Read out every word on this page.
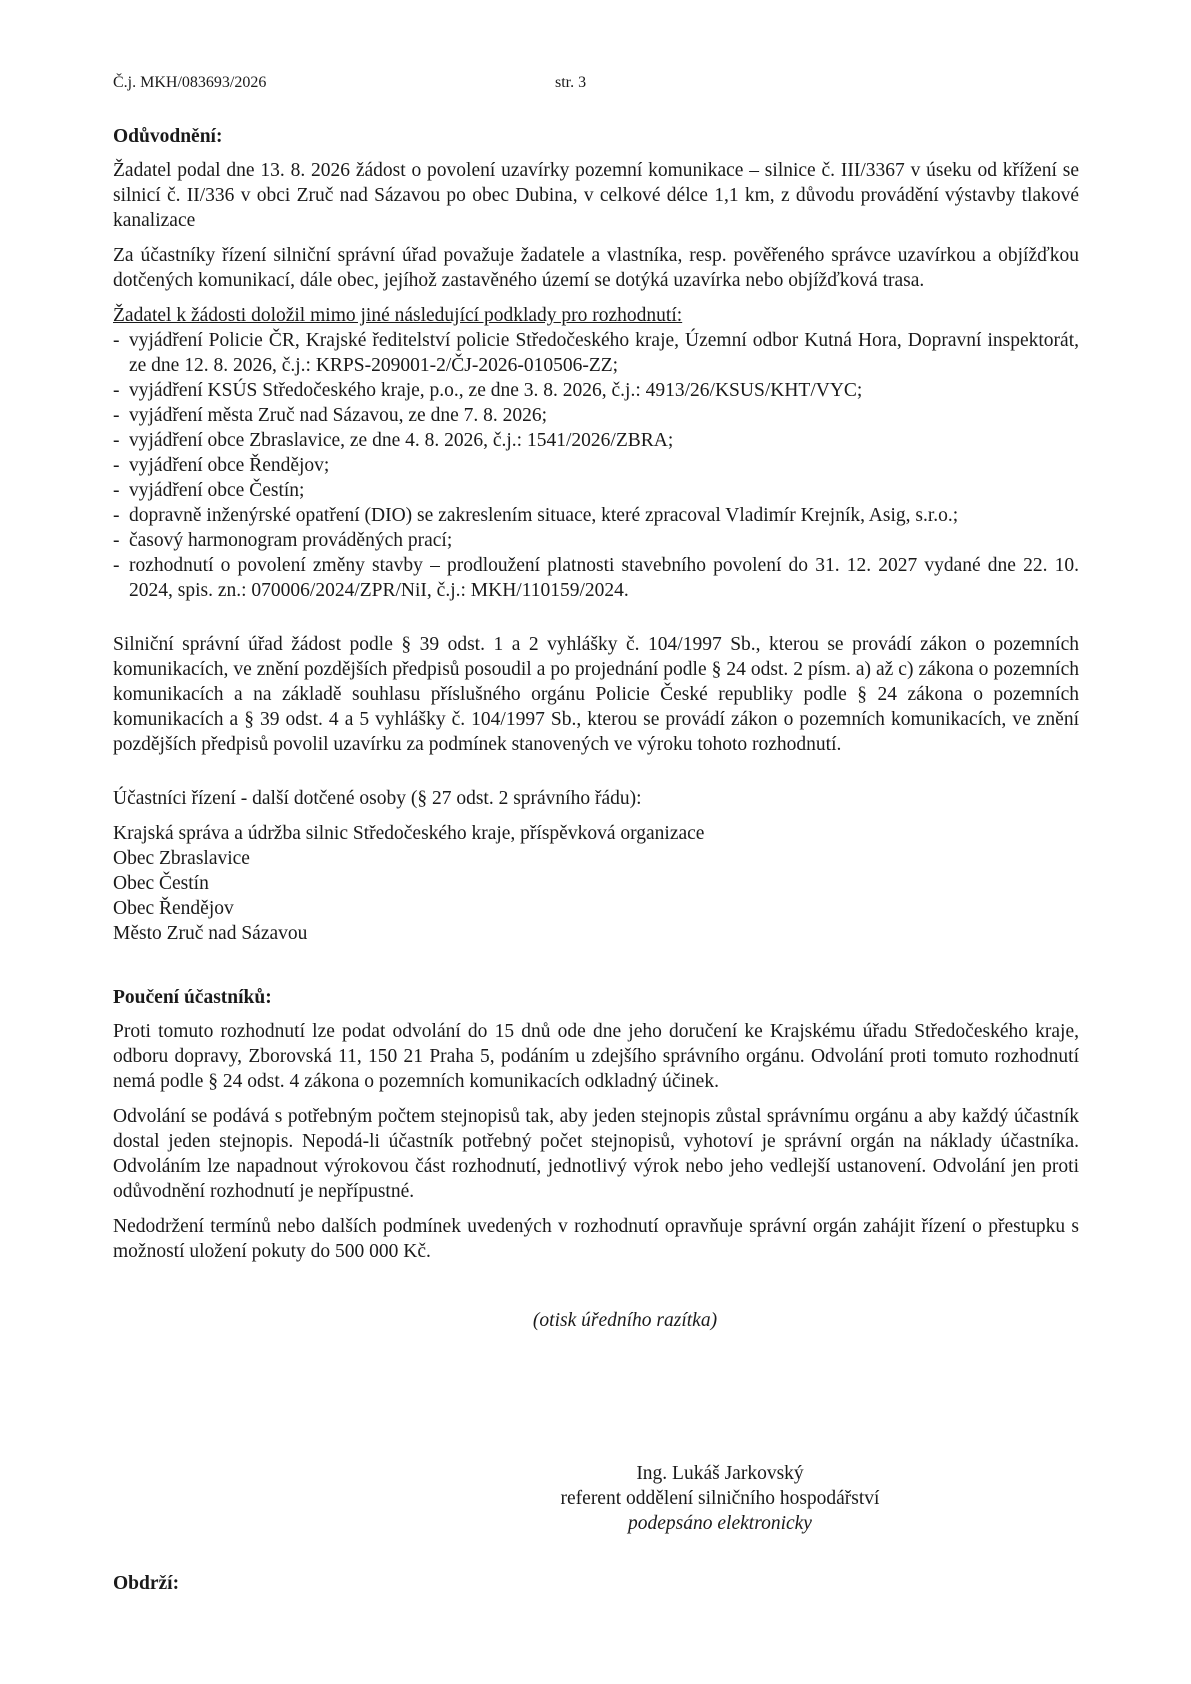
Č.j. MKH/083693/2026	str. 3

Odůvodnění:

Žadatel podal dne 13. 8. 2026 žádost o povolení uzavírky pozemní komunikace – silnice č. III/3367 v úseku od křížení se silnicí č. II/336 v obci Zruč nad Sázavou po obec Dubina, v celkové délce 1,1 km, z důvodu provádění výstavby tlakové kanalizace

Za účastníky řízení silniční správní úřad považuje žadatele a vlastníka, resp. pověřeného správce uzavírkou a objížďkou dotčených komunikací, dále obec, jejíhož zastavěného území se dotýká uzavírka nebo objížďková trasa.

Žadatel k žádosti doložil mimo jiné následující podklady pro rozhodnutí:

- vyjádření Policie ČR, Krajské ředitelství policie Středočeského kraje, Územní odbor Kutná Hora, Dopravní inspektorát, ze dne 12. 8. 2026, č.j.: KRPS-209001-2/ČJ-2026-010506-ZZ;
- vyjádření KSÚS Středočeského kraje, p.o., ze dne 3. 8. 2026, č.j.: 4913/26/KSUS/KHT/VYC;
- vyjádření města Zruč nad Sázavou, ze dne 7. 8. 2026;
- vyjádření obce Zbraslavice, ze dne 4. 8. 2026, č.j.: 1541/2026/ZBRA;
- vyjádření obce Řendějov;
- vyjádření obce Čestín;
- dopravně inženýrské opatření (DIO) se zakreslením situace, které zpracoval Vladimír Krejník, Asig, s.r.o.;
- časový harmonogram prováděných prací;
- rozhodnutí o povolení změny stavby – prodloužení platnosti stavebního povolení do 31. 12. 2027 vydané dne 22. 10. 2024, spis. zn.: 070006/2024/ZPR/NiI, č.j.: MKH/110159/2024.

Silniční správní úřad žádost podle § 39 odst. 1 a 2 vyhlášky č. 104/1997 Sb., kterou se provádí zákon o pozemních komunikacích, ve znění pozdějších předpisů posoudil a po projednání podle § 24 odst. 2 písm. a) až c) zákona o pozemních komunikacích a na základě souhlasu příslušného orgánu Policie České republiky podle § 24 zákona o pozemních komunikacích a § 39 odst. 4 a 5 vyhlášky č. 104/1997 Sb., kterou se provádí zákon o pozemních komunikacích, ve znění pozdějších předpisů povolil uzavírku za podmínek stanovených ve výroku tohoto rozhodnutí.

Účastníci řízení - další dotčené osoby (§ 27 odst. 2 správního řádu):

Krajská správa a údržba silnic Středočeského kraje, příspěvková organizace
Obec Zbraslavice
Obec Čestín
Obec Řendějov
Město Zruč nad Sázavou

Poučení účastníků:

Proti tomuto rozhodnutí lze podat odvolání do 15 dnů ode dne jeho doručení ke Krajskému úřadu Středočeského kraje, odboru dopravy, Zborovská 11, 150 21 Praha 5, podáním u zdejšího správního orgánu. Odvolání proti tomuto rozhodnutí nemá podle § 24 odst. 4 zákona o pozemních komunikacích odkladný účinek.

Odvolání se podává s potřebným počtem stejnopisů tak, aby jeden stejnopis zůstal správnímu orgánu a aby každý účastník dostal jeden stejnopis. Nepodá-li účastník potřebný počet stejnopisů, vyhotoví je správní orgán na náklady účastníka. Odvoláním lze napadnout výrokovou část rozhodnutí, jednotlivý výrok nebo jeho vedlejší ustanovení. Odvolání jen proti odůvodnění rozhodnutí je nepřípustné.

Nedodržení termínů nebo dalších podmínek uvedených v rozhodnutí opravňuje správní orgán zahájit řízení o přestupku s možností uložení pokuty do 500 000 Kč.

(otisk úředního razítka)

Ing. Lukáš Jarkovský
referent oddělení silničního hospodářství
podepsáno elektronicky
Obdrží:
